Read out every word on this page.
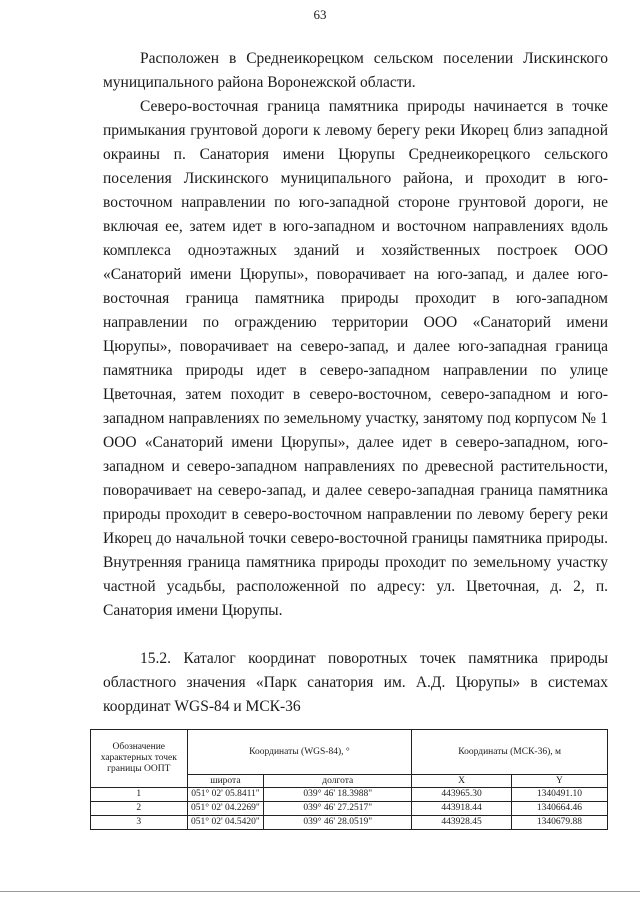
63

Расположен в Среднеикорецком сельском поселении Лискинского муниципального района Воронежской области.

Северо-восточная граница памятника природы начинается в точке примыкания грунтовой дороги к левому берегу реки Икорец близ западной окраины п. Санатория имени Цюрупы Среднеикорецкого сельского поселения Лискинского муниципального района, и проходит в юго-восточном направлении по юго-западной стороне грунтовой дороги, не включая ее, затем идет в юго-западном и восточном направлениях вдоль комплекса одноэтажных зданий и хозяйственных построек ООО «Санаторий имени Цюрупы», поворачивает на юго-запад, и далее юго-восточная граница памятника природы проходит в юго-западном направлении по ограждению территории ООО «Санаторий имени Цюрупы», поворачивает на северо-запад, и далее юго-западная граница памятника природы идет в северо-западном направлении по улице Цветочная, затем походит в северо-восточном, северо-западном и юго-западном направлениях по земельному участку, занятому под корпусом № 1 ООО «Санаторий имени Цюрупы», далее идет в северо-западном, юго-западном и северо-западном направлениях по древесной растительности, поворачивает на северо-запад, и далее северо-западная граница памятника природы проходит в северо-восточном направлении по левому берегу реки Икорец до начальной точки северо-восточной границы памятника природы. Внутренняя граница памятника природы проходит по земельному участку частной усадьбы, расположенной по адресу: ул. Цветочная, д. 2, п. Санатория имени Цюрупы.

15.2. Каталог координат поворотных точек памятника природы областного значения «Парк санатория им. А.Д. Цюрупы» в системах координат WGS-84 и МСК-36

Обозначение характерных точек границы ООПТ	Координаты (WGS-84), °		Координаты (МСК-36), м	
	широта	долгота	X	Y
1	051° 02' 05.8411"	039° 46' 18.3988"	443965.30	1340491.10
2	051° 02' 04.2269"	039° 46' 27.2517"	443918.44	1340664.46
3	051° 02' 04.5420"	039° 46' 28.0519"	443928.45	1340679.88
